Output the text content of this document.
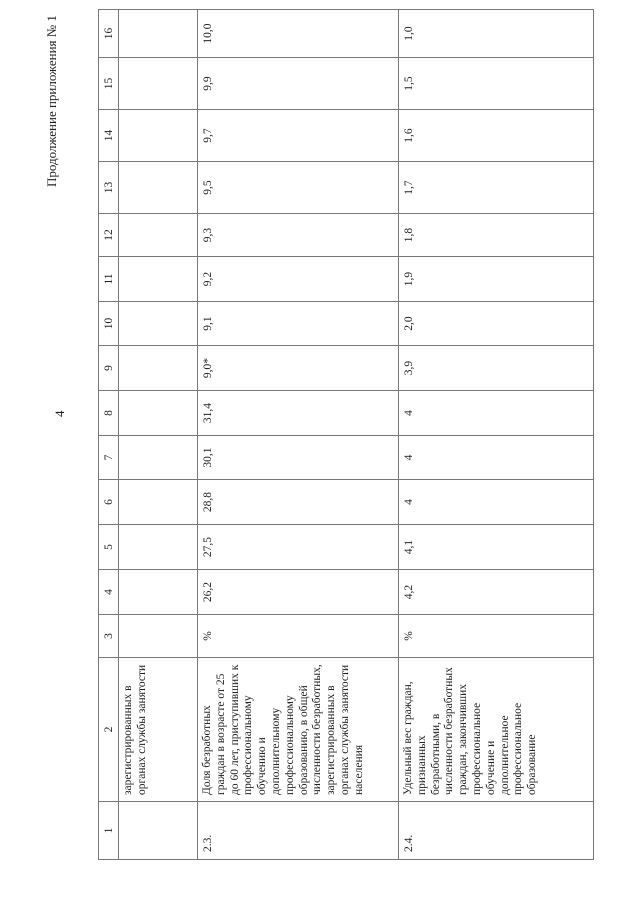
4
Продолжение приложения № 1
1	2	3	4	5	6	7	8	9	10	11	12	13	14	15	16
	зарегистрированных в органах службы занятости														
2.3.	Доля безработных граждан в возрасте от 25 до 60 лет, приступивших к профессиональному обучению и дополнительному профессиональному образованию, в общей численности безработных, зарегистрированных в органах службы занятости населения	%	26,2	27,5	28,8	30,1	31,4	9,0*	9,1	9,2	9,3	9,5	9,7	9,9	10,0
2.4.	Удельный вес граждан, признанных безработными, в численности безработных граждан, закончивших профессиональное обучение и дополнительное профессиональное образование	%	4,2	4,1	4	4	4	3,9	2,0	1,9	1,8	1,7	1,6	1,5	1,0
